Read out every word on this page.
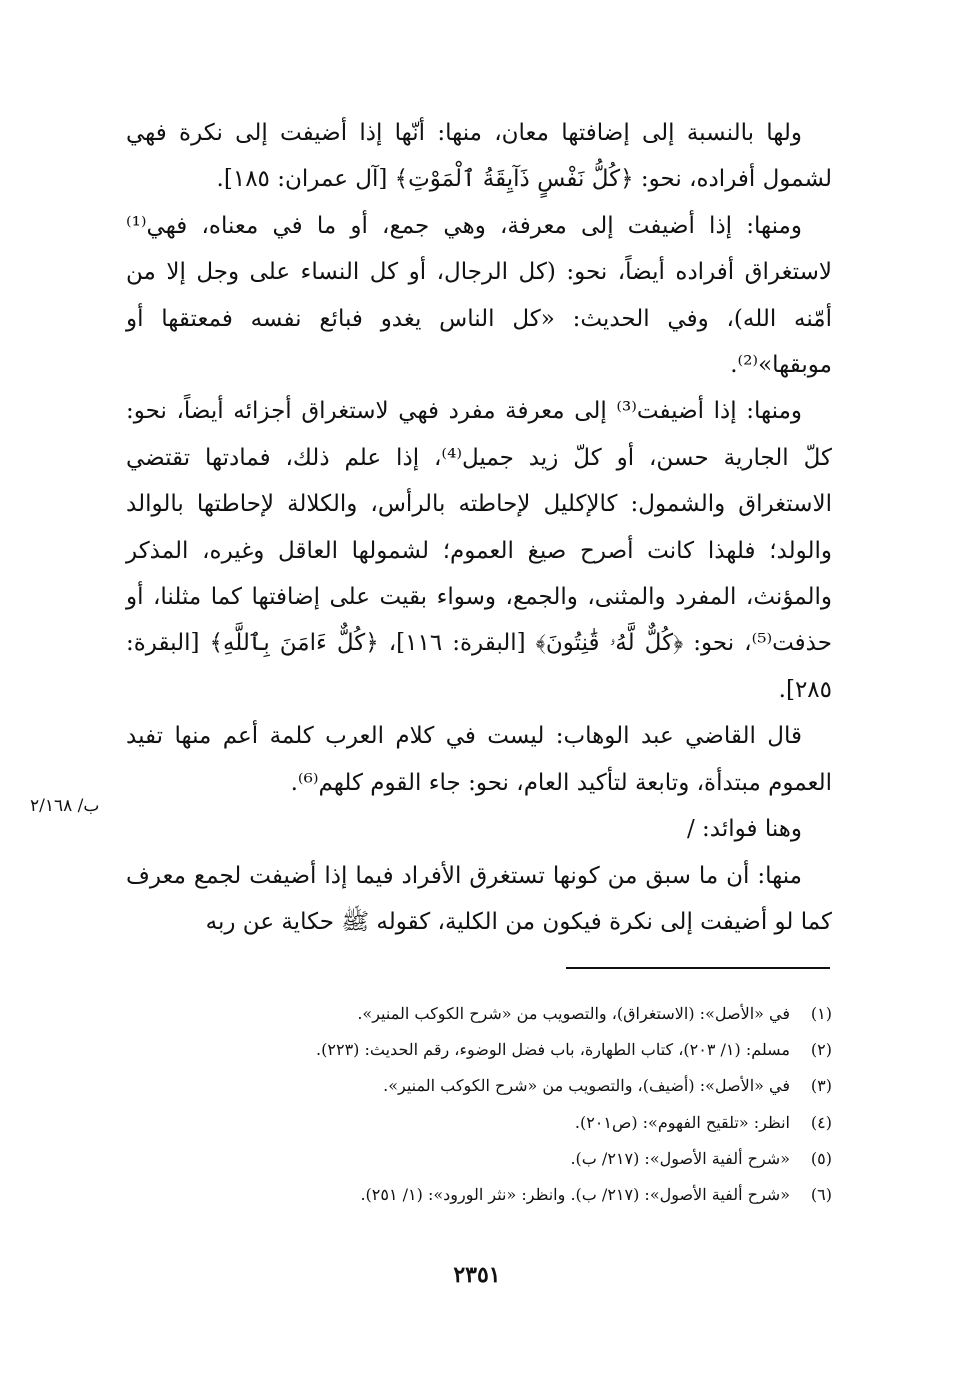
ولها بالنسبة إلى إضافتها معان، منها: أنّها إذا أضيفت إلى نكرة فهي لشمول أفراده، نحو: ﴿كُلُّ نَفْسٍ ذَآيِقَةُ ٱلْمَوْتِ﴾ [آل عمران: ١٨٥].

ومنها: إذا أضيفت إلى معرفة، وهي جمع، أو ما في معناه، فهي⁽¹⁾ لاستغراق أفراده أيضاً، نحو: (كل الرجال، أو كل النساء على وجل إلا من أمّنه الله)، وفي الحديث: «كل الناس يغدو فبائع نفسه فمعتقها أو موبقها»⁽²⁾.

ومنها: إذا أضيفت⁽³⁾ إلى معرفة مفرد فهي لاستغراق أجزائه أيضاً، نحو: كلّ الجارية حسن، أو كلّ زيد جميل⁽⁴⁾، إذا علم ذلك، فمادتها تقتضي الاستغراق والشمول: كالإكليل لإحاطته بالرأس، والكلالة لإحاطتها بالوالد والولد؛ فلهذا كانت أصرح صيغ العموم؛ لشمولها العاقل وغيره، المذكر والمؤنث، المفرد والمثنى، والجمع، وسواء بقيت على إضافتها كما مثلنا، أو حذفت⁽⁵⁾، نحو: ﴿كُلٌّ لَّهُۥ قَٰنِتُونَ﴾ [البقرة: ١١٦]، ﴿كُلٌّ ءَامَنَ بِٱللَّهِ﴾ [البقرة: ٢٨٥].

قال القاضي عبد الوهاب: ليست في كلام العرب كلمة أعم منها تفيد العموم مبتدأة، وتابعة لتأكيد العام، نحو: جاء القوم كلهم⁽⁶⁾.

وهنا فوائد: /

منها: أن ما سبق من كونها تستغرق الأفراد فيما إذا أضيفت لجمع معرف كما لو أضيفت إلى نكرة فيكون من الكلية، كقوله ﷺ حكاية عن ربه

ب/ ٢/١٦٨
(١)في «الأصل»: (الاستغراق)، والتصويب من «شرح الكوكب المنير».
(٢)مسلم: (١/ ٢٠٣)، كتاب الطهارة، باب فضل الوضوء، رقم الحديث: (٢٢٣).
(٣)في «الأصل»: (أضيف)، والتصويب من «شرح الكوكب المنير».
(٤)انظر: «تلقيح الفهوم»: (ص٢٠١).
(٥)«شرح ألفية الأصول»: (٢١٧/ ب).
(٦)«شرح ألفية الأصول»: (٢١٧/ ب). وانظر: «نثر الورود»: (١/ ٢٥١).
٢٣٥١
